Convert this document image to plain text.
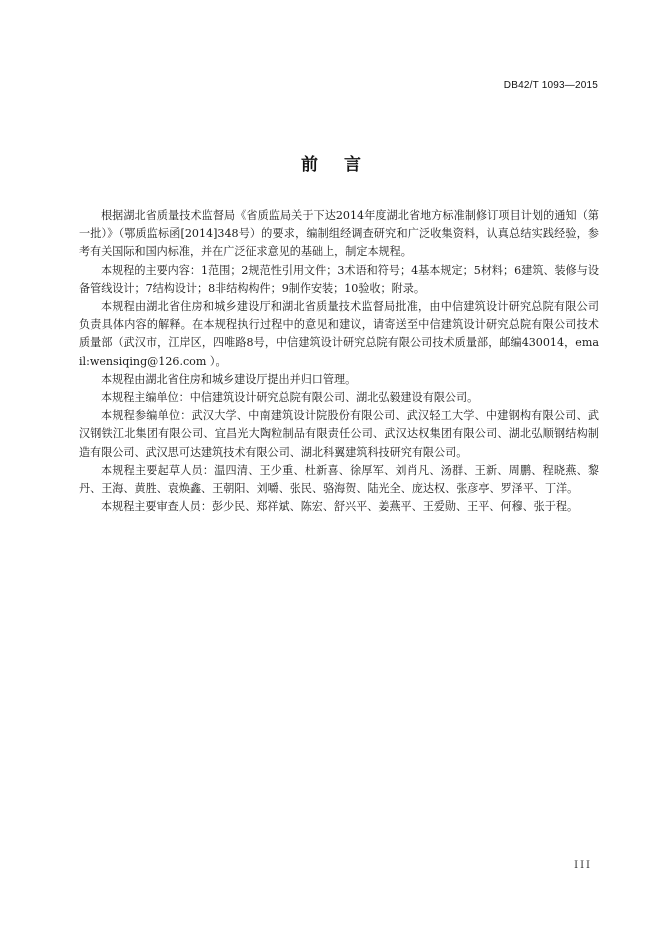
DB42/T 1093—2015
前言

根据湖北省质量技术监督局《省质监局关于下达2014年度湖北省地方标准制修订项目计划的通知（第一批）》（鄂质监标函[2014]348号）的要求，编制组经调查研究和广泛收集资料，认真总结实践经验，参考有关国际和国内标准，并在广泛征求意见的基础上，制定本规程。

本规程的主要内容：1范围；2规范性引用文件；3术语和符号；4基本规定；5材料；6建筑、装修与设备管线设计；7结构设计；8非结构构件；9制作安装；10验收；附录。

本规程由湖北省住房和城乡建设厅和湖北省质量技术监督局批准，由中信建筑设计研究总院有限公司负责具体内容的解释。在本规程执行过程中的意见和建议，请寄送至中信建筑设计研究总院有限公司技术质量部（武汉市，江岸区，四唯路8号，中信建筑设计研究总院有限公司技术质量部，邮编430014，email:wensiqing@126.com ）。

本规程由湖北省住房和城乡建设厅提出并归口管理。

本规程主编单位：中信建筑设计研究总院有限公司、湖北弘毅建设有限公司。

本规程参编单位：武汉大学、中南建筑设计院股份有限公司、武汉轻工大学、中建钢构有限公司、武汉钢铁江北集团有限公司、宜昌光大陶粒制品有限责任公司、武汉达权集团有限公司、湖北弘顺钢结构制造有限公司、武汉思可达建筑技术有限公司、湖北科翼建筑科技研究有限公司。

本规程主要起草人员：温四清、王少重、杜新喜、徐厚军、刘肖凡、汤群、王新、周鹏、程晓燕、黎丹、王海、黄胜、袁焕鑫、王朝阳、刘嚼、张民、骆海贺、陆光全、庞达权、张彦亭、罗泽平、丁洋。

本规程主要审查人员：彭少民、郑祥斌、陈宏、舒兴平、姜燕平、王爱勋、王平、何穆、张于程。

III
